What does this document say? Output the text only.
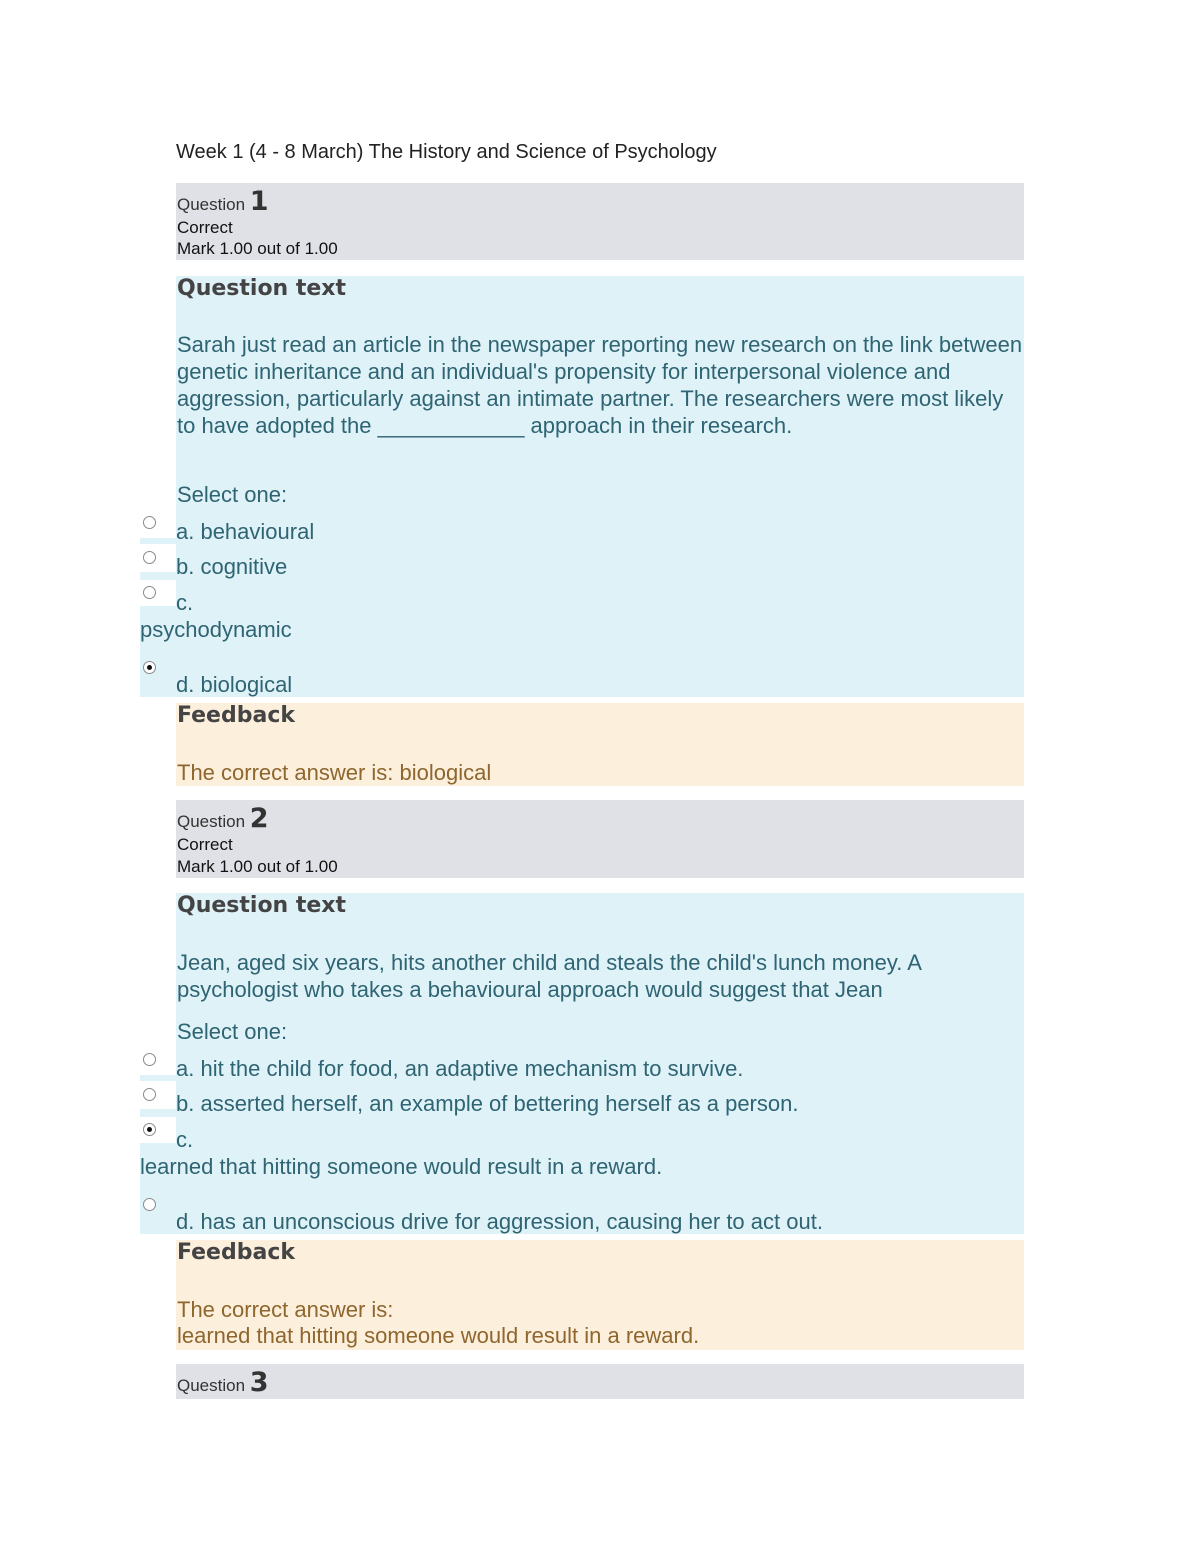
Week 1 (4 - 8 March) The History and Science of Psychology
Question 1
Correct
Mark 1.00 out of 1.00
Question text
Sarah just read an article in the newspaper reporting new research on the link between genetic inheritance and an individual's propensity for interpersonal violence and aggression, particularly against an intimate partner. The researchers were most likely to have adopted the ____________ approach in their research.
Select one:
a. behavioural
b. cognitive
c.
psychodynamic
d. biological
Feedback
The correct answer is: biological
Question 2
Correct
Mark 1.00 out of 1.00
Question text
Jean, aged six years, hits another child and steals the child's lunch money. A psychologist who takes a behavioural approach would suggest that Jean
Select one:
a. hit the child for food, an adaptive mechanism to survive.
b. asserted herself, an example of bettering herself as a person.
c.
learned that hitting someone would result in a reward.
d. has an unconscious drive for aggression, causing her to act out.
Feedback
The correct answer is:
learned that hitting someone would result in a reward.
Question 3
